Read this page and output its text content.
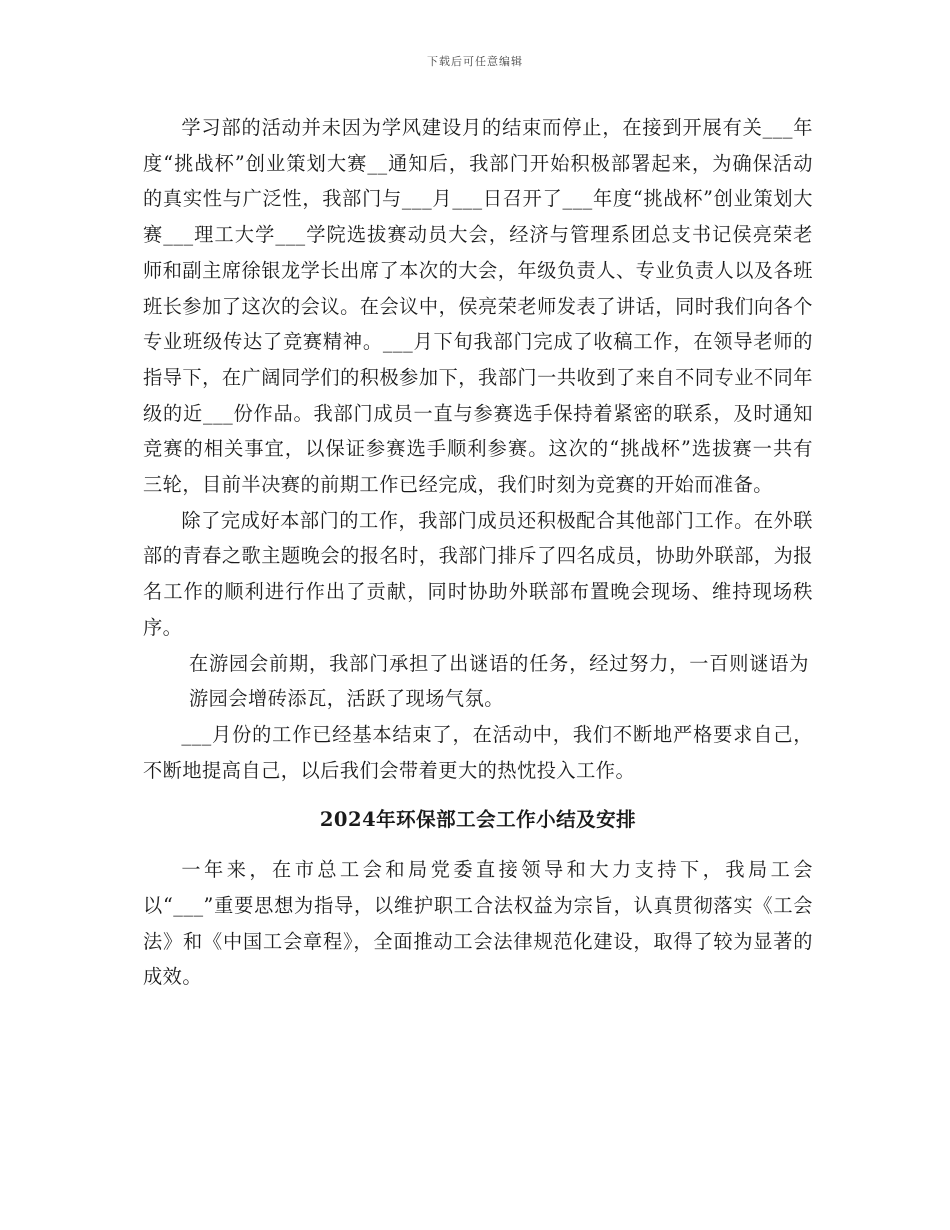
下载后可任意编辑

学习部的活动并未因为学风建设月的结束而停止，在接到开展有关___年度“挑战杯”创业策划大赛__通知后，我部门开始积极部署起来，为确保活动的真实性与广泛性，我部门与___月___日召开了___年度“挑战杯”创业策划大赛___理工大学___学院选拔赛动员大会，经济与管理系团总支书记侯亮荣老师和副主席徐银龙学长出席了本次的大会，年级负责人、专业负责人以及各班班长参加了这次的会议。在会议中，侯亮荣老师发表了讲话，同时我们向各个专业班级传达了竞赛精神。___月下旬我部门完成了收稿工作，在领导老师的指导下，在广阔同学们的积极参加下，我部门一共收到了来自不同专业不同年级的近___份作品。我部门成员一直与参赛选手保持着紧密的联系，及时通知竞赛的相关事宜，以保证参赛选手顺利参赛。这次的“挑战杯”选拔赛一共有三轮，目前半决赛的前期工作已经完成，我们时刻为竞赛的开始而准备。

除了完成好本部门的工作，我部门成员还积极配合其他部门工作。在外联部的青春之歌主题晚会的报名时，我部门排斥了四名成员，协助外联部，为报名工作的顺利进行作出了贡献，同时协助外联部布置晚会现场、维持现场秩序。

在游园会前期，我部门承担了出谜语的任务，经过努力，一百则谜语为游园会增砖添瓦，活跃了现场气氛。

___月份的工作已经基本结束了，在活动中，我们不断地严格要求自己，不断地提高自己，以后我们会带着更大的热忱投入工作。

2024年环保部工会工作小结及安排

一年来，在市总工会和局党委直接领导和大力支持下，我局工会以“___”重要思想为指导，以维护职工合法权益为宗旨，认真贯彻落实《工会法》和《中国工会章程》，全面推动工会法律规范化建设，取得了较为显著的成效。
